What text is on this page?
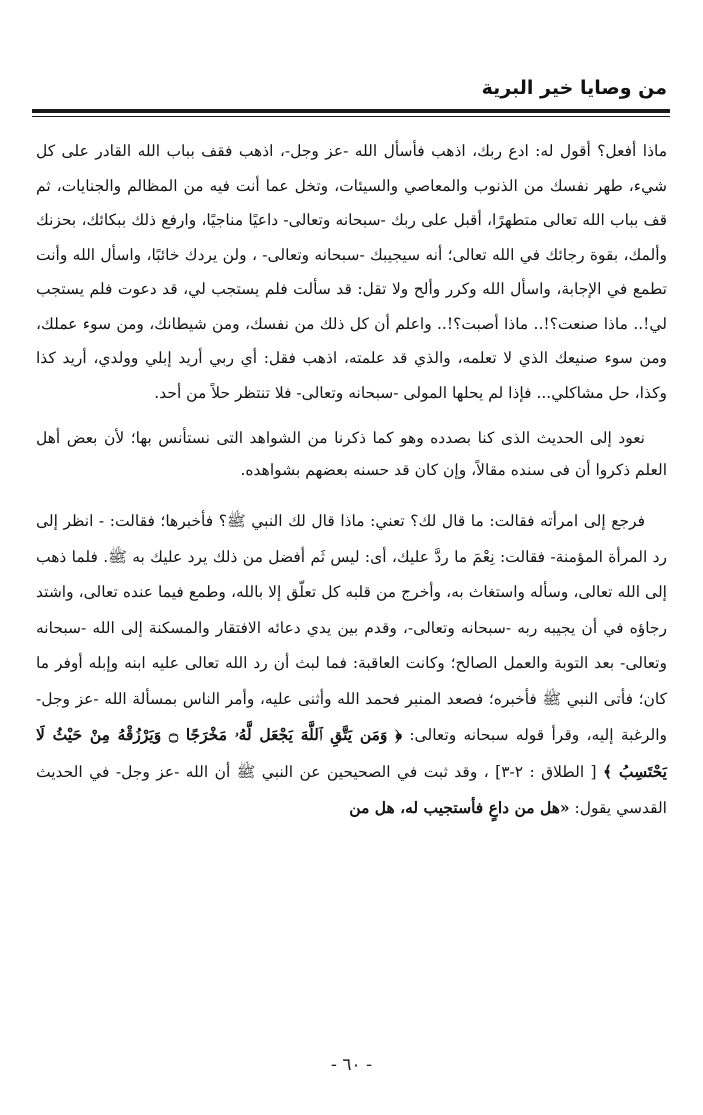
من وصايا خير البرية

ماذا أفعل؟ أقول له: ادع ربك، اذهب فأسأل الله -عز وجل-، اذهب فقف بباب الله القادر على كل شيء، طهر نفسك من الذنوب والمعاصي والسيئات، وتخل عما أنت فيه من المظالم والجنايات، ثم قف بباب الله تعالى متطهرًا، أقبل على ربك -سبحانه وتعالى- داعيًا مناجيًا، وارفع ذلك ببكائك، بحزنك وألمك، بقوة رجائك في الله تعالى؛ أنه سيجيبك -سبحانه وتعالى- ، ولن يردك خائبًا، واسأل الله وأنت تطمع في الإجابة، واسأل الله وكرر وألح ولا تقل: قد سألت فلم يستجب لي، قد دعوت فلم يستجب لي!.. ماذا صنعت؟!.. ماذا أصبت؟!.. واعلم أن كل ذلك من نفسك، ومن شيطانك، ومن سوء عملك، ومن سوء صنيعك الذي لا تعلمه، والذي قد علمته، اذهب فقل: أي ربي أريد إبلي وولدي، أريد كذا وكذا، حل مشاكلي... فإذا لم يحلها المولى -سبحانه وتعالى- فلا تنتظر حلاً من أحد.

نعود إلى الحديث الذى كنا بصدده وهو كما ذكرنا من الشواهد التى نستأنس بها؛ لأن بعض أهل العلم ذكروا أن فى سنده مقالاً، وإن كان قد حسنه بعضهم بشواهده.

فرجع إلى امرأته فقالت: ما قال لك؟ تعني: ماذا قال لك النبي ﷺ؟ فأخبرها؛ فقالت: - انظر إلى رد المرأة المؤمنة- فقالت: نِعْمَ ما ردَّ عليك، أى: ليس ثَم أفضل من ذلك يرد عليك به ﷺ. فلما ذهب إلى الله تعالى، وسأله واستغاث به، وأخرج من قلبه كل تعلّق إلا بالله، وطمع فيما عنده تعالى، واشتد رجاؤه في أن يجيبه ربه -سبحانه وتعالى-، وقدم بين يدي دعائه الافتقار والمسكنة إلى الله -سبحانه وتعالى- بعد التوبة والعمل الصالح؛ وكانت العاقبة: فما لبث أن رد الله تعالى عليه ابنه وإبله أوفر ما كان؛ فأتى النبي ﷺ فأخبره؛ فصعد المنبر فحمد الله وأثنى عليه، وأمر الناس بمسألة الله -عز وجل- والرغبة إليه، وقرأ قوله سبحانه وتعالى: ﴿ وَمَن يَتَّقِ ٱللَّهَ يَجْعَل لَّهُۥ مَخْرَجًا ۝ وَيَرْزُقْهُ مِنْ حَيْثُ لَا يَحْتَسِبُ ﴾ [ الطلاق : ٢-٣] ، وقد ثبت في الصحيحين عن النبي ﷺ أن الله -عز وجل- في الحديث القدسي يقول: «هل من داعٍ فأستجيب له، هل من

- ٦٠ -
